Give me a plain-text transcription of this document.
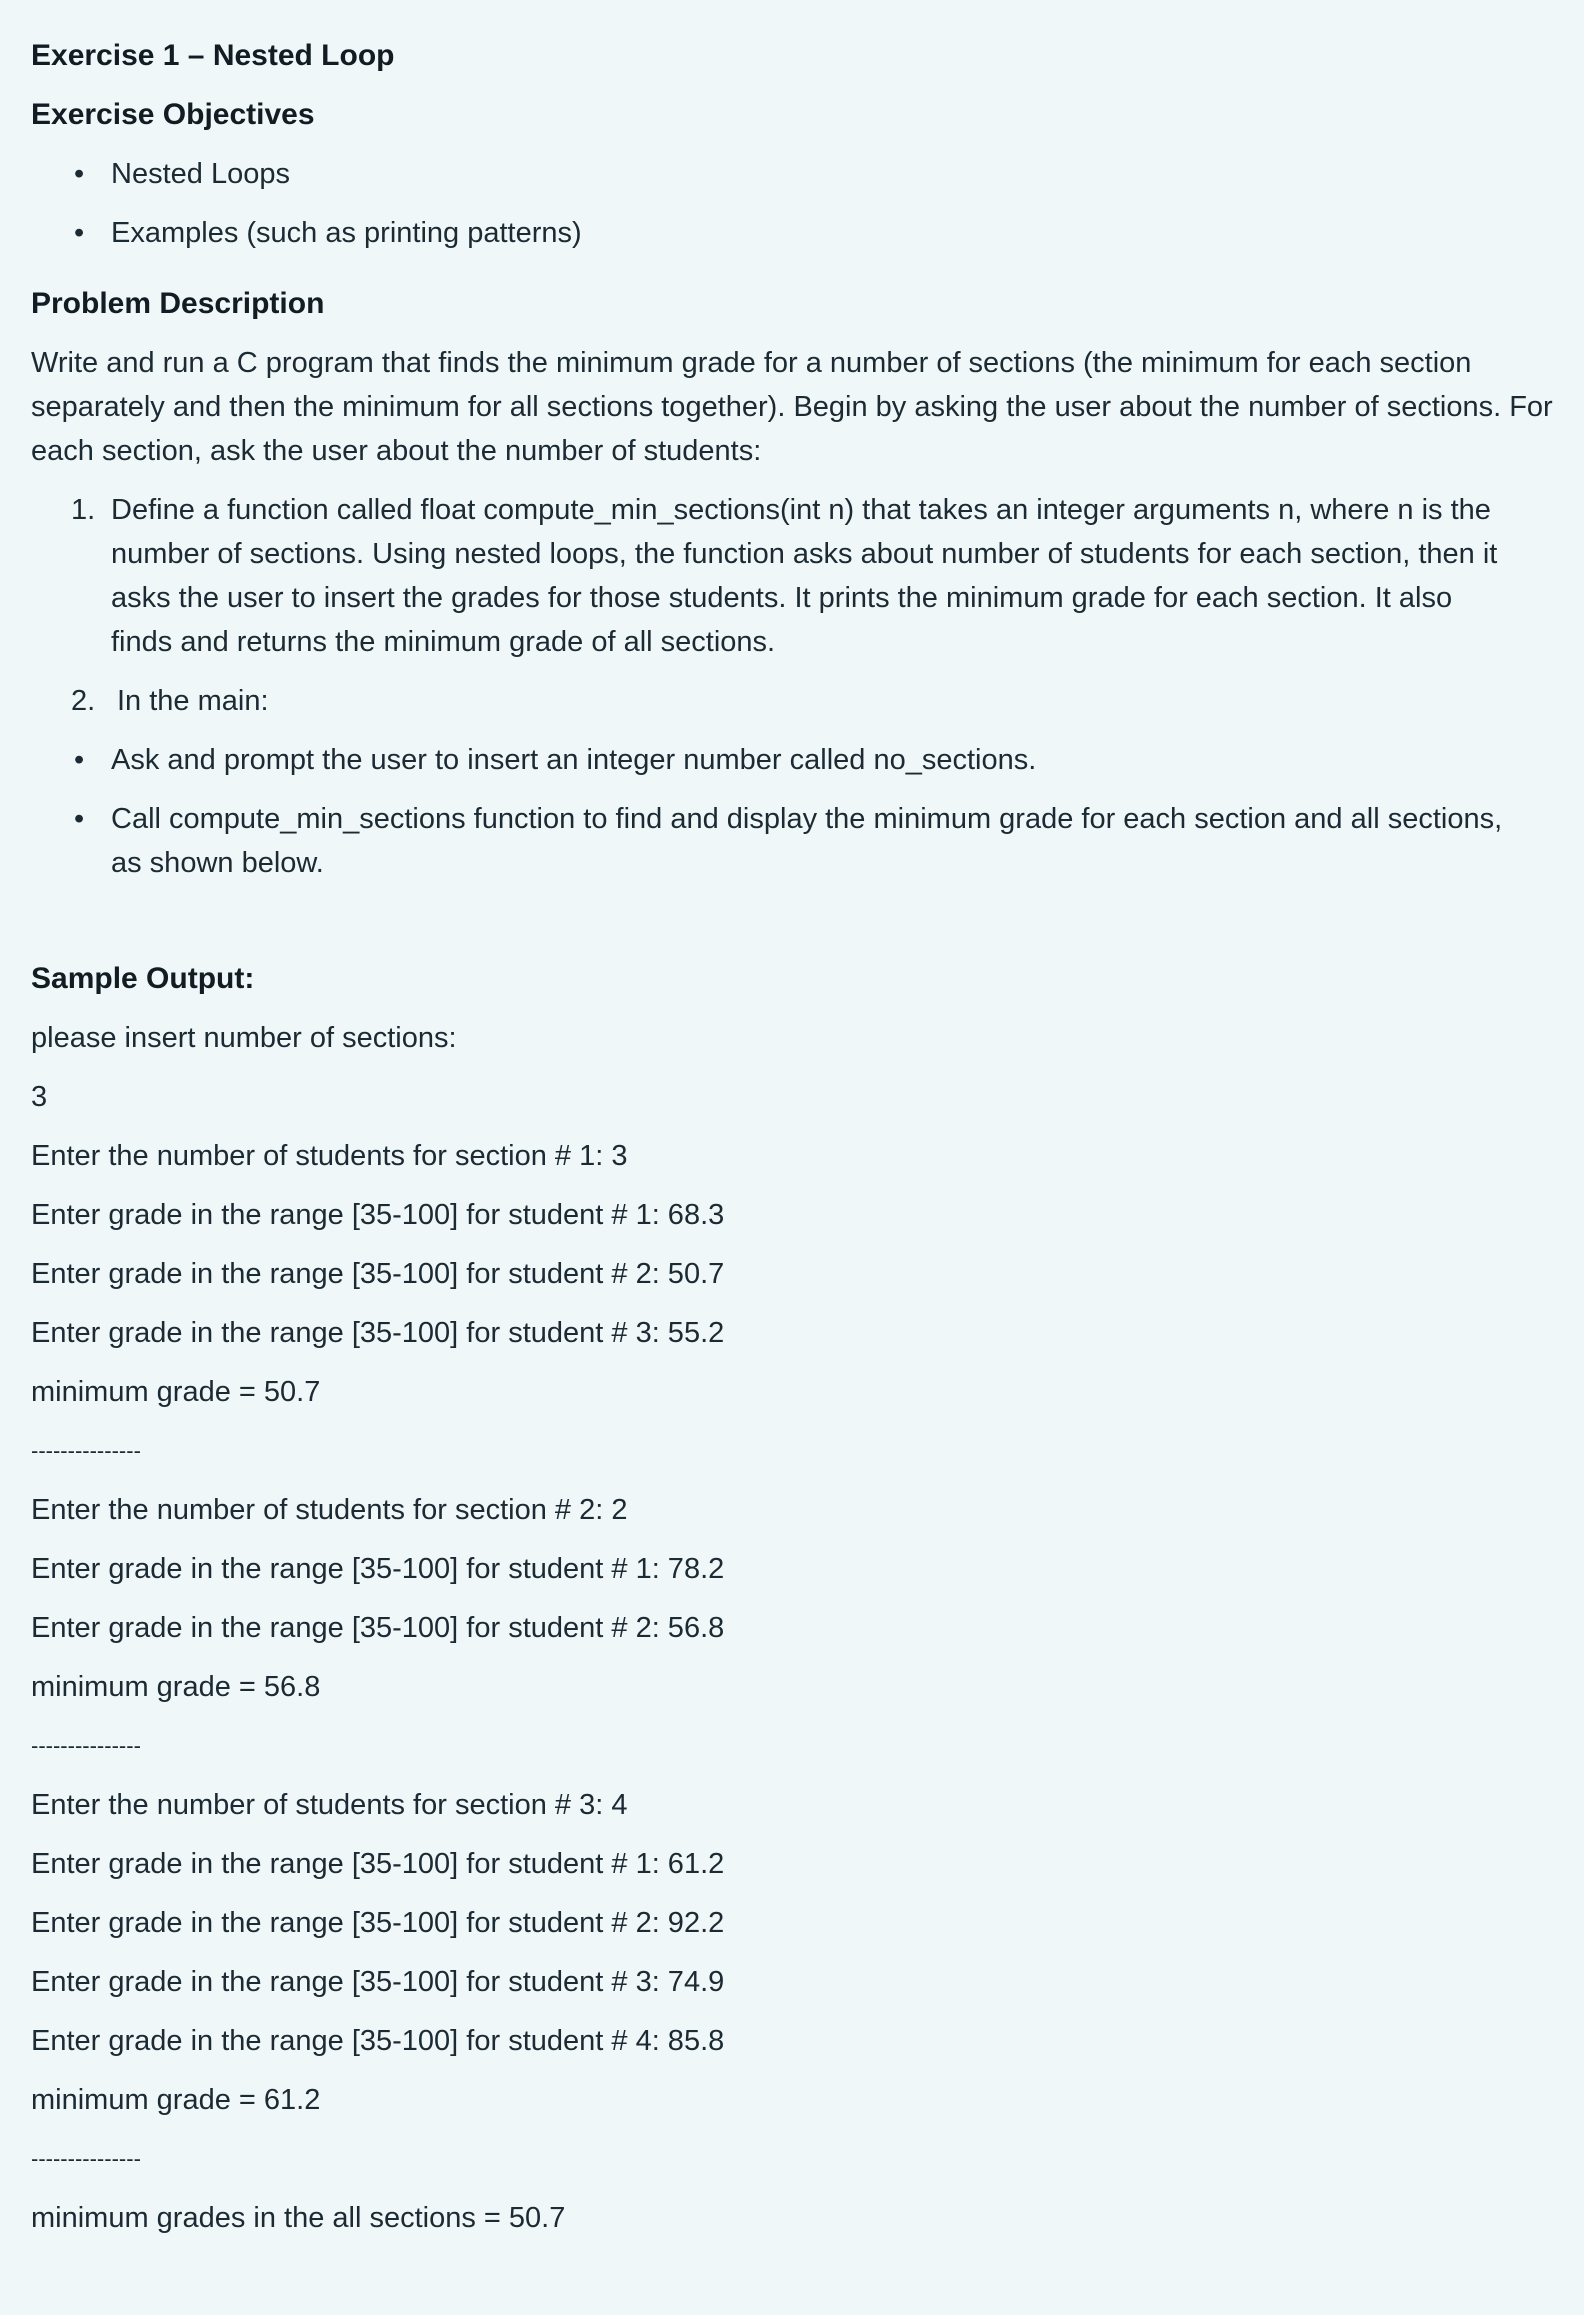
Exercise 1 – Nested Loop
Exercise Objectives
• Nested Loops
• Examples (such as printing patterns)
Problem Description

Write and run a C program that finds the minimum grade for a number of sections (the minimum for each section separately and then the minimum for all sections together). Begin by asking the user about the number of sections. For each section, ask the user about the number of students:

1. Define a function called float compute_min_sections(int n) that takes an integer arguments n, where n is the number of sections. Using nested loops, the function asks about number of students for each section, then it asks the user to insert the grades for those students. It prints the minimum grade for each section. It also finds and returns the minimum grade of all sections.
2. In the main:
• Ask and prompt the user to insert an integer number called no_sections.
• Call compute_min_sections function to find and display the minimum grade for each section and all sections, as shown below.
Sample Output:

please insert number of sections:

3

Enter the number of students for section # 1: 3

Enter grade in the range [35-100] for student # 1: 68.3

Enter grade in the range [35-100] for student # 2: 50.7

Enter grade in the range [35-100] for student # 3: 55.2

minimum grade = 50.7

---------------

Enter the number of students for section # 2: 2

Enter grade in the range [35-100] for student # 1: 78.2

Enter grade in the range [35-100] for student # 2: 56.8

minimum grade = 56.8

---------------

Enter the number of students for section # 3: 4

Enter grade in the range [35-100] for student # 1: 61.2

Enter grade in the range [35-100] for student # 2: 92.2

Enter grade in the range [35-100] for student # 3: 74.9

Enter grade in the range [35-100] for student # 4: 85.8

minimum grade = 61.2

---------------

minimum grades in the all sections = 50.7
